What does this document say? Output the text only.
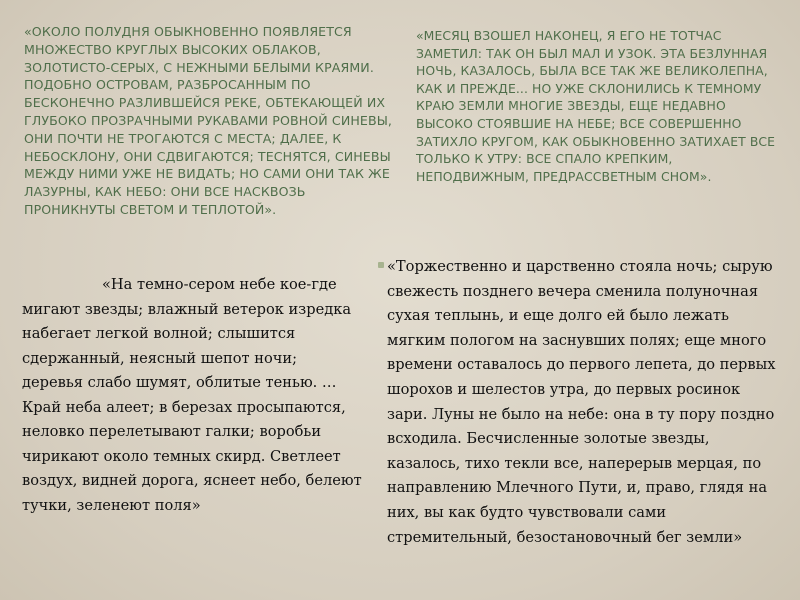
«ОКОЛО ПОЛУДНЯ ОБЫКНОВЕННО ПОЯВЛЯЕТСЯ МНОЖЕСТВО КРУГЛЫХ ВЫСОКИХ ОБЛАКОВ, ЗОЛОТИСТО-СЕРЫХ, С НЕЖНЫМИ БЕЛЫМИ КРАЯМИ. ПОДОБНО ОСТРОВАМ, РАЗБРОСАННЫМ ПО БЕСКОНЕЧНО РАЗЛИВШЕЙСЯ РЕКЕ, ОБТЕКАЮЩЕЙ ИХ ГЛУБОКО ПРОЗРАЧНЫМИ РУКАВАМИ РОВНОЙ СИНЕВЫ, ОНИ ПОЧТИ НЕ ТРОГАЮТСЯ С МЕСТА; ДАЛЕЕ, К НЕБОСКЛОНУ, ОНИ СДВИГАЮТСЯ; ТЕСНЯТСЯ, СИНЕВЫ МЕЖДУ НИМИ УЖЕ НЕ ВИДАТЬ; НО САМИ ОНИ ТАК ЖЕ ЛАЗУРНЫ, КАК НЕБО: ОНИ ВСЕ НАСКВОЗЬ ПРОНИКНУТЫ СВЕТОМ И ТЕПЛОТОЙ».

«МЕСЯЦ ВЗОШЕЛ НАКОНЕЦ, Я ЕГО НЕ ТОТЧАС ЗАМЕТИЛ: ТАК ОН БЫЛ МАЛ И УЗОК. ЭТА БЕЗЛУННАЯ НОЧЬ, КАЗАЛОСЬ, БЫЛА ВСЕ ТАК ЖЕ ВЕЛИКОЛЕПНА, КАК И ПРЕЖДЕ... НО УЖЕ СКЛОНИЛИСЬ К ТЕМНОМУ КРАЮ ЗЕМЛИ МНОГИЕ ЗВЕЗДЫ, ЕЩЕ НЕДАВНО ВЫСОКО СТОЯВШИЕ НА НЕБЕ; ВСЕ СОВЕРШЕННО ЗАТИХЛО КРУГОМ, КАК ОБЫКНОВЕННО ЗАТИХАЕТ ВСЕ ТОЛЬКО К УТРУ: ВСЕ СПАЛО КРЕПКИМ, НЕПОДВИЖНЫМ, ПРЕДРАССВЕТНЫМ СНОМ».

«На темно-сером небе кое-где мигают звезды; влажный ветерок изредка набегает легкой волной; слышится сдержанный, неясный шепот ночи; деревья слабо шумят, облитые тенью. …Край неба алеет; в березах просыпаются, неловко перелетывают галки; воробьи чирикают около темных скирд. Светлеет воздух, видней дорога, яснеет небо, белеют тучки, зеленеют поля»

«Торжественно и царственно стояла ночь; сырую свежесть позднего вечера сменила полуночная сухая теплынь, и еще долго ей было лежать мягким пологом на заснувших полях; еще много времени оставалось до первого лепета, до первых шорохов и шелестов утра, до первых росинок зари. Луны не было на небе: она в ту пору поздно всходила. Бесчисленные золотые звезды, казалось, тихо текли все, наперерыв мерцая, по направлению Млечного Пути, и, право, глядя на них, вы как будто чувствовали сами стремительный, безостановочный бег земли»
